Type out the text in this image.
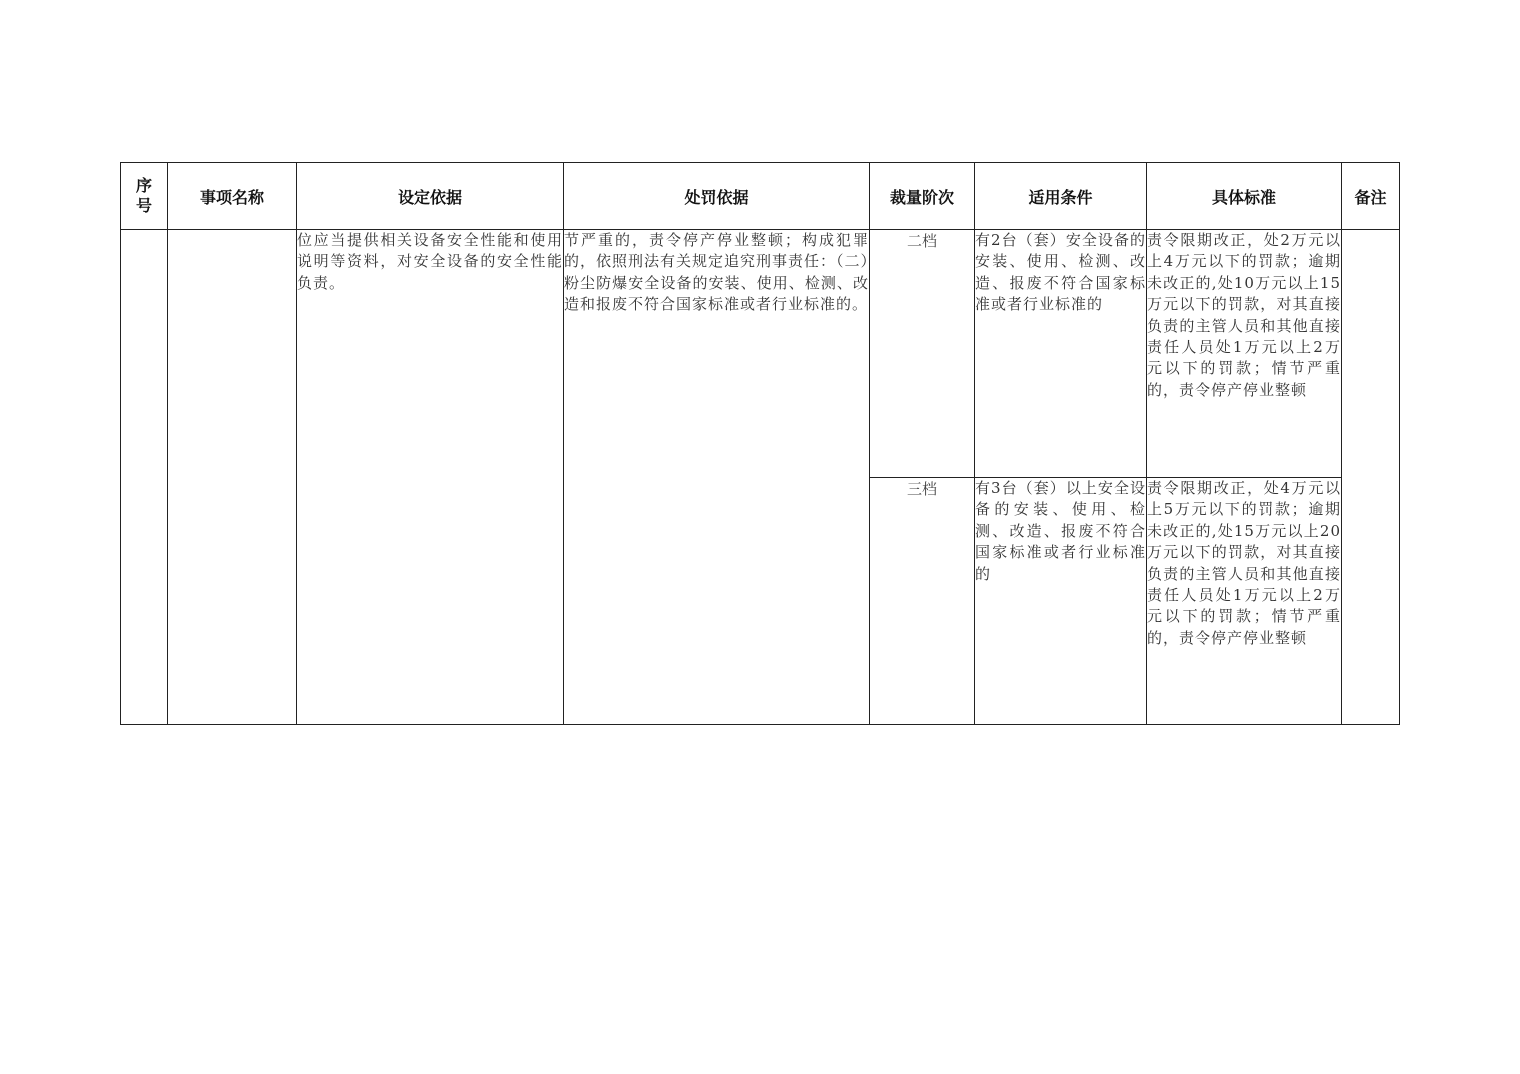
序号	事项名称	设定依据	处罚依据	裁量阶次	适用条件	具体标准	备注
		位应当提供相关设备安全性能和使用说明等资料，对安全设备的安全性能负责。	节严重的，责令停产停业整顿；构成犯罪的，依照刑法有关规定追究刑事责任：（二）粉尘防爆安全设备的安装、使用、检测、改造和报废不符合国家标准或者行业标准的。	二档	有2台（套）安全设备的安装、使用、检测、改造、报废不符合国家标准或者行业标准的	责令限期改正，处2万元以上4万元以下的罚款；逾期未改正的,处10万元以上15万元以下的罚款，对其直接负责的主管人员和其他直接责任人员处1万元以上2万元以下的罚款；情节严重的，责令停产停业整顿	
				三档	有3台（套）以上安全设备的安装、使用、检测、改造、报废不符合国家标准或者行业标准的	责令限期改正，处4万元以上5万元以下的罚款；逾期未改正的,处15万元以上20万元以下的罚款，对其直接负责的主管人员和其他直接责任人员处1万元以上2万元以下的罚款；情节严重的，责令停产停业整顿	
